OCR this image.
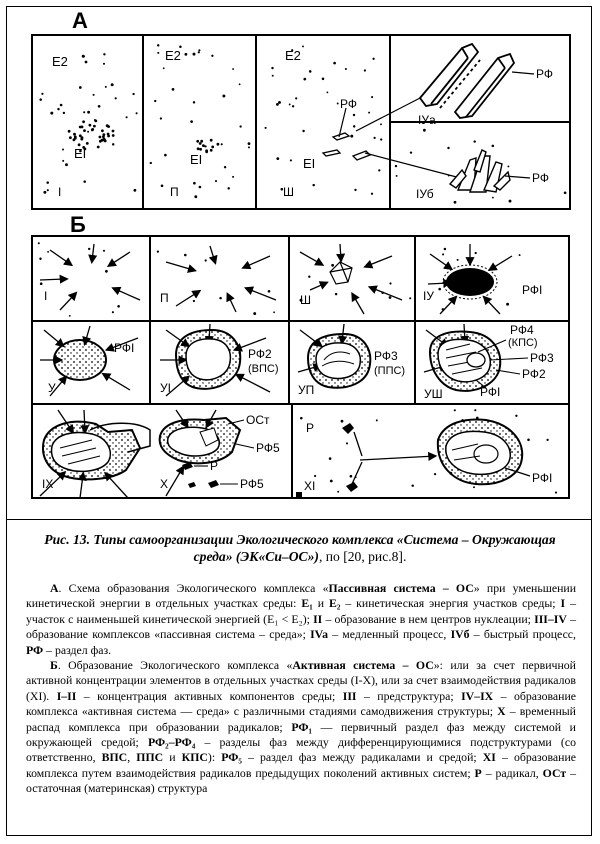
А
E2
EI
I
E2
EI
П
E2
EI
РФ
Ш
РФ
IУа
РФ
IУб
Б
I	П	Ш	IУ	РФI
У
РФI
УI
РФ2
(ВПС)
УП
РФ3
(ППС)
УШ
РФ4
(КПС)
РФ3
РФ2
РФI
IX	X
ОСт
РФ5
Р
РФ5	XI
Р
РФI
Рис. 13. Типы самоорганизации Экологического комплекса «Система – Окружающая среда» (ЭК«Си–ОС»), по [20, рис.8].

А. Схема образования Экологического комплекса «Пассивная система – ОС» при уменьшении кинетической энергии в отдельных участках среды: E₁ и E₂ – кинетическая энергия участков среды; I – участок с наименьшей кинетической энергией (E₁ < E₂); II – образование в нем центров нуклеации; III–IV – образование комплексов «пассивная система – среда»; IVa – медленный процесс, IVб – быстрый процесс, РФ – раздел фаз.

Б. Образование Экологического комплекса «Активная система – ОС»: или за счет первичной активной концентрации элементов в отдельных участках среды (I-X), или за счет взаимодействия радикалов (XI). I–II – концентрация активных компонентов среды; III – предструктура; IV–IX – образование комплекса «активная система — среда» с различными стадиями самодвижения структуры; X – временный распад комплекса при образовании радикалов; РФ₁ — первичный раздел фаз между системой и окружающей средой; РФ₂–РФ₄ – разделы фаз между дифференцирующимися подструктурами (со ответственно, ВПС, ППС и КПС): РФ₅ – раздел фаз между радикалами и средой; XI – образование комплекса путем взаимодействия радикалов предыдущих поколений активных систем; Р – радикал, ОСт – остаточная (материнская) структура
